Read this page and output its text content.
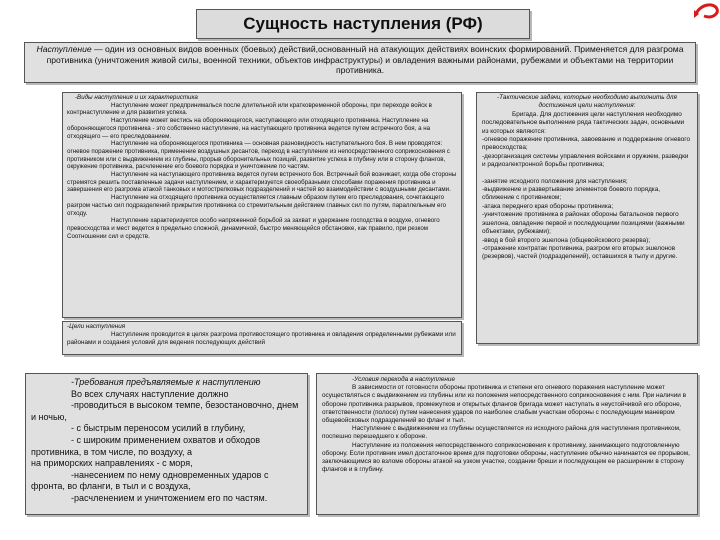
Сущность наступления (РФ)
Наступление — один из основных видов военных (боевых) действий,основанный на атакующих действиях воинских формирований. Применяется для разгрома противника (уничтожения живой силы, военной техники, объектов инфраструктуры) и овладения важными районами, рубежами и объектами на территории противника.

-Виды наступления и их характеристика

Наступление может предпринималься после длительной или кратковременной обороны, при переходе войск в контрнаступление и для развития успеха.

Наступление может вестись на обороняющегося, наступающего или отходящего противника. Наступление на обороняющегося противника - это собственно наступление, на наступающего противника ведется путем встречного боя, а на отходящего — его преследованием.

Наступление на обороняющегося противника — основная разновидность наступательного боя. В нем проводятся: огневое поражение противника, применение воздушных десантов, переход в наступление из непосредственного соприкосновения с противником или с выдвижением из глубины, прорыв оборонительных позиций, развитие успеха в глубину или в сторону флангов, окружение противника, расчленение его боевого порядка и уничтожение по частям.

Наступление на наступающего противника ведется путем встречного боя. Встречный бой возникает, когда обе стороны стремятся решить поставленные задачи наступлением, и характеризуется своеобразными способами поражения противника и завершения его разгрома атакой танковых и мотострелковых подразделений и частей во взаимодействии с воздушными десантами.

Наступление на отходящего противника осуществляется главным образом путем его преследования, сочетающего разгром частью сил подразделений прикрытия противника со стремительным действием главных сил по путям, параллельным его отходу.

Наступление характеризуется особо напряженной борьбой за захват и удержание господства в воздухе, огневого превосходства и мест ведется в предельно сложной, динамичной, быстро меняющейся обстановке, как правило, при резком Соотношении сил и средств.

-Тактические задачи, которые необходимо выполнить для достижения цели наступления:

Бригада. Для достижения цели наступления необходимо последовательное выполнение ряда тактических задач, основными из которых являются:

-огневое поражение противника, завоевание и поддержание огневого превосходства;

-дезорганизация системы управления войсками и оружием, разведки и радиоэлектронной борьбы противника;

-занятие исходного положения для наступления;

-выдвижение и развертывание элементов боевого порядка, сближение с противником;

-атака переднего края обороны противника;

-уничтожение противника в районах обороны батальонов первого эшелона, овладение первой и последующими позициями (важными объектами, рубежами);

-ввод в бой второго эшелона (общевойскового резерва);

-отражение контратак противника, разгром его вторых эшелонов (резервов), частей (подразделений), оставшихся в тылу и другие.

-Цели наступления

Наступление проводится в целях разгрома противостоящего противника и овладения определенными рубежами или районами и создания условий для ведения последующих действий

-Требования предъявляемые к наступлению

Во всех случаях наступление должно

-проводиться в высоком темпе, безостановочно, днем и ночью,

- с быстрым переносом усилий в глубину,

- с широким применением охватов и обходов противника, в том числе, по воздуху, а

на приморских направлениях - с моря,

-нанесением по нему одновременных ударов с фронта, во фланги, в тыл и с воздуха,

-расчленением и уничтожением его по частям.

-Условия перехода в наступление

В зависимости от готовности обороны противника и степени его огневого поражения наступление может осуществляться с выдвижением из глубины или из положения непосредственного соприкосновения с ним. При наличии в обороне противника разрывов, промежутков и открытых флангов бригада может наступать в неустойчивой его обороне,

ответственности (полосе) путем нанесения ударов по наиболее слабым участкам обороны с последующим маневром общевойсковых подразделений во фланг и тыл.

Наступление с выдвижением из глубины осуществляется из исходного района для наступления противником, поспешно перешедшего к обороне.

Наступление из положения непосредственного соприкосновения к противнику, занимающего подготовленную оборону. Если противник имел достаточное время для подготовки обороны, наступление обычно начинается ее прорывом, заключающимся во взломе обороны атакой на узком участке, создании бреши и последующем ее расширении в сторону флангов и в глубину.
